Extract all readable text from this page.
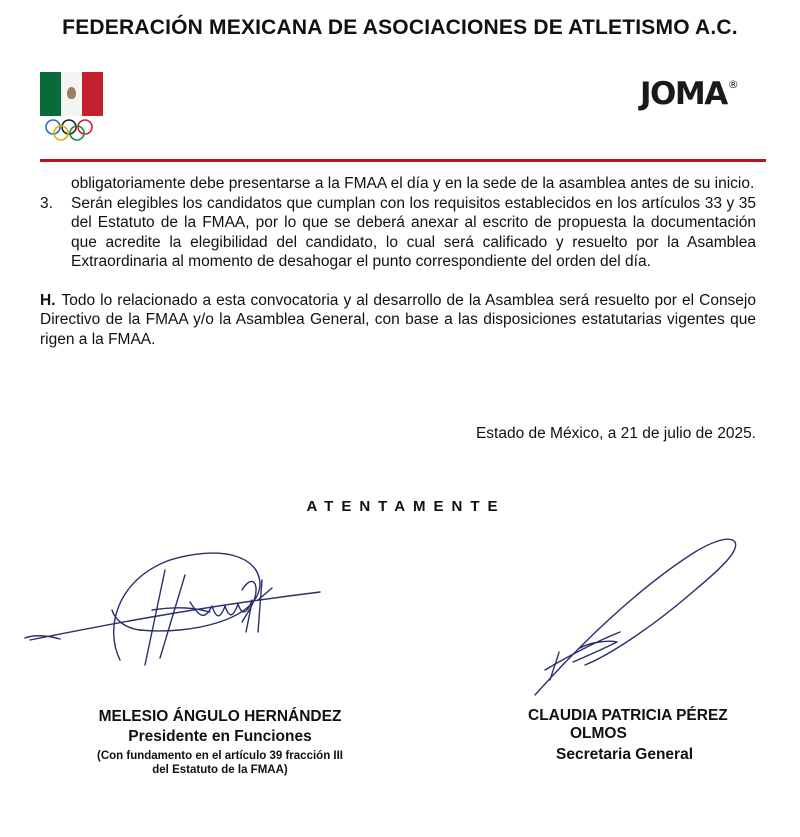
FEDERACIÓN MEXICANA DE ASOCIACIONES DE ATLETISMO A.C.
JOMA®

obligatoriamente debe presentarse a la FMAA el día y en la sede de la asamblea antes de su inicio.

3.	Serán elegibles los candidatos que cumplan con los requisitos establecidos en los artículos 33 y 35 del Estatuto de la FMAA, por lo que se deberá anexar al escrito de propuesta la documentación que acredite la elegibilidad del candidato, lo cual será calificado y resuelto por la Asamblea Extraordinaria al momento de desahogar el punto correspondiente del orden del día.

H. Todo lo relacionado a esta convocatoria y al desarrollo de la Asamblea será resuelto por el Consejo Directivo de la FMAA y/o la Asamblea General, con base a las disposiciones estatutarias vigentes que rigen a la FMAA.

Estado de México, a 21 de julio de 2025.
ATENTAMENTE
MELESIO ÁNGULO HERNÁNDEZ
Presidente en Funciones
(Con fundamento en el artículo 39 fracción III
del Estatuto de la FMAA)
CLAUDIA PATRICIA PÉREZ
OLMOS
Secretaria General
